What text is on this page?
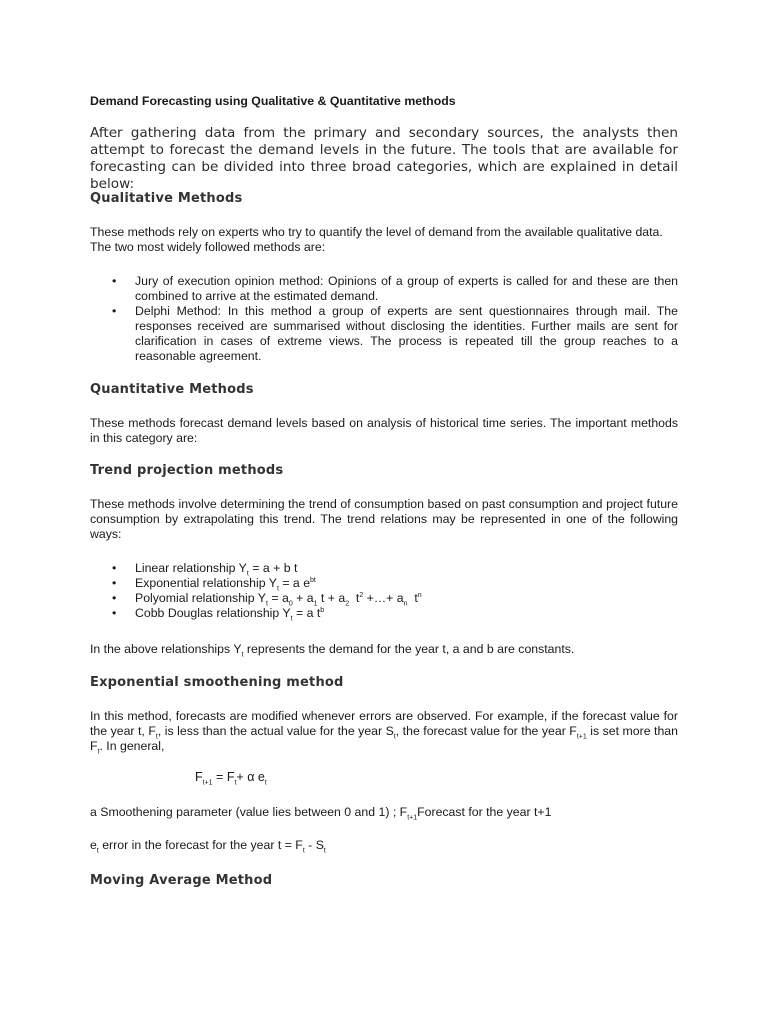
Demand Forecasting using Qualitative & Quantitative methods

After gathering data from the primary and secondary sources, the analysts then attempt to forecast the demand levels in the future. The tools that are available for forecasting can be divided into three broad categories, which are explained in detail below:

Qualitative Methods

These methods rely on experts who try to quantify the level of demand from the available qualitative data. The two most widely followed methods are:

• Jury of execution opinion method: Opinions of a group of experts is called for and these are then combined to arrive at the estimated demand.
• Delphi Method: In this method a group of experts are sent questionnaires through mail. The responses received are summarised without disclosing the identities. Further mails are sent for clarification in cases of extreme views. The process is repeated till the group reaches to a reasonable agreement.

Quantitative Methods

These methods forecast demand levels based on analysis of historical time series. The important methods in this category are:

Trend projection methods

These methods involve determining the trend of consumption based on past consumption and project future consumption by extrapolating this trend. The trend relations may be represented in one of the following ways:

• Linear relationship $Y_t = a + b$ t
• Exponential relationship $Y_t = a$ $e^{bt}$
• Polyomial relationship $Y_t = a_0 + a_1$ $t + a_2$  $t^2$ +…+ $a_n$  $t^n$
• Cobb Douglas relationship $Y_t = a$ $t^b$

In the above relationships $Y_t$ represents the demand for the year t, a and b are constants.

Exponential smoothening method

In this method, forecasts are modified whenever errors are observed. For example, if the forecast value for the year t, $F_t$, is less than the actual value for the year $S_t$, the forecast value for the year $F_{t+1}$ is set more than $F_t$. In general,

$F_{t+1} = F_t+ \alpha$ $e_t$

a Smoothening parameter (value lies between 0 and 1) ; $F_{t+1}Forecast$ for the year t+1

$e_t$ error in the forecast for the year $t = F_t - S_t$

Moving Average Method
